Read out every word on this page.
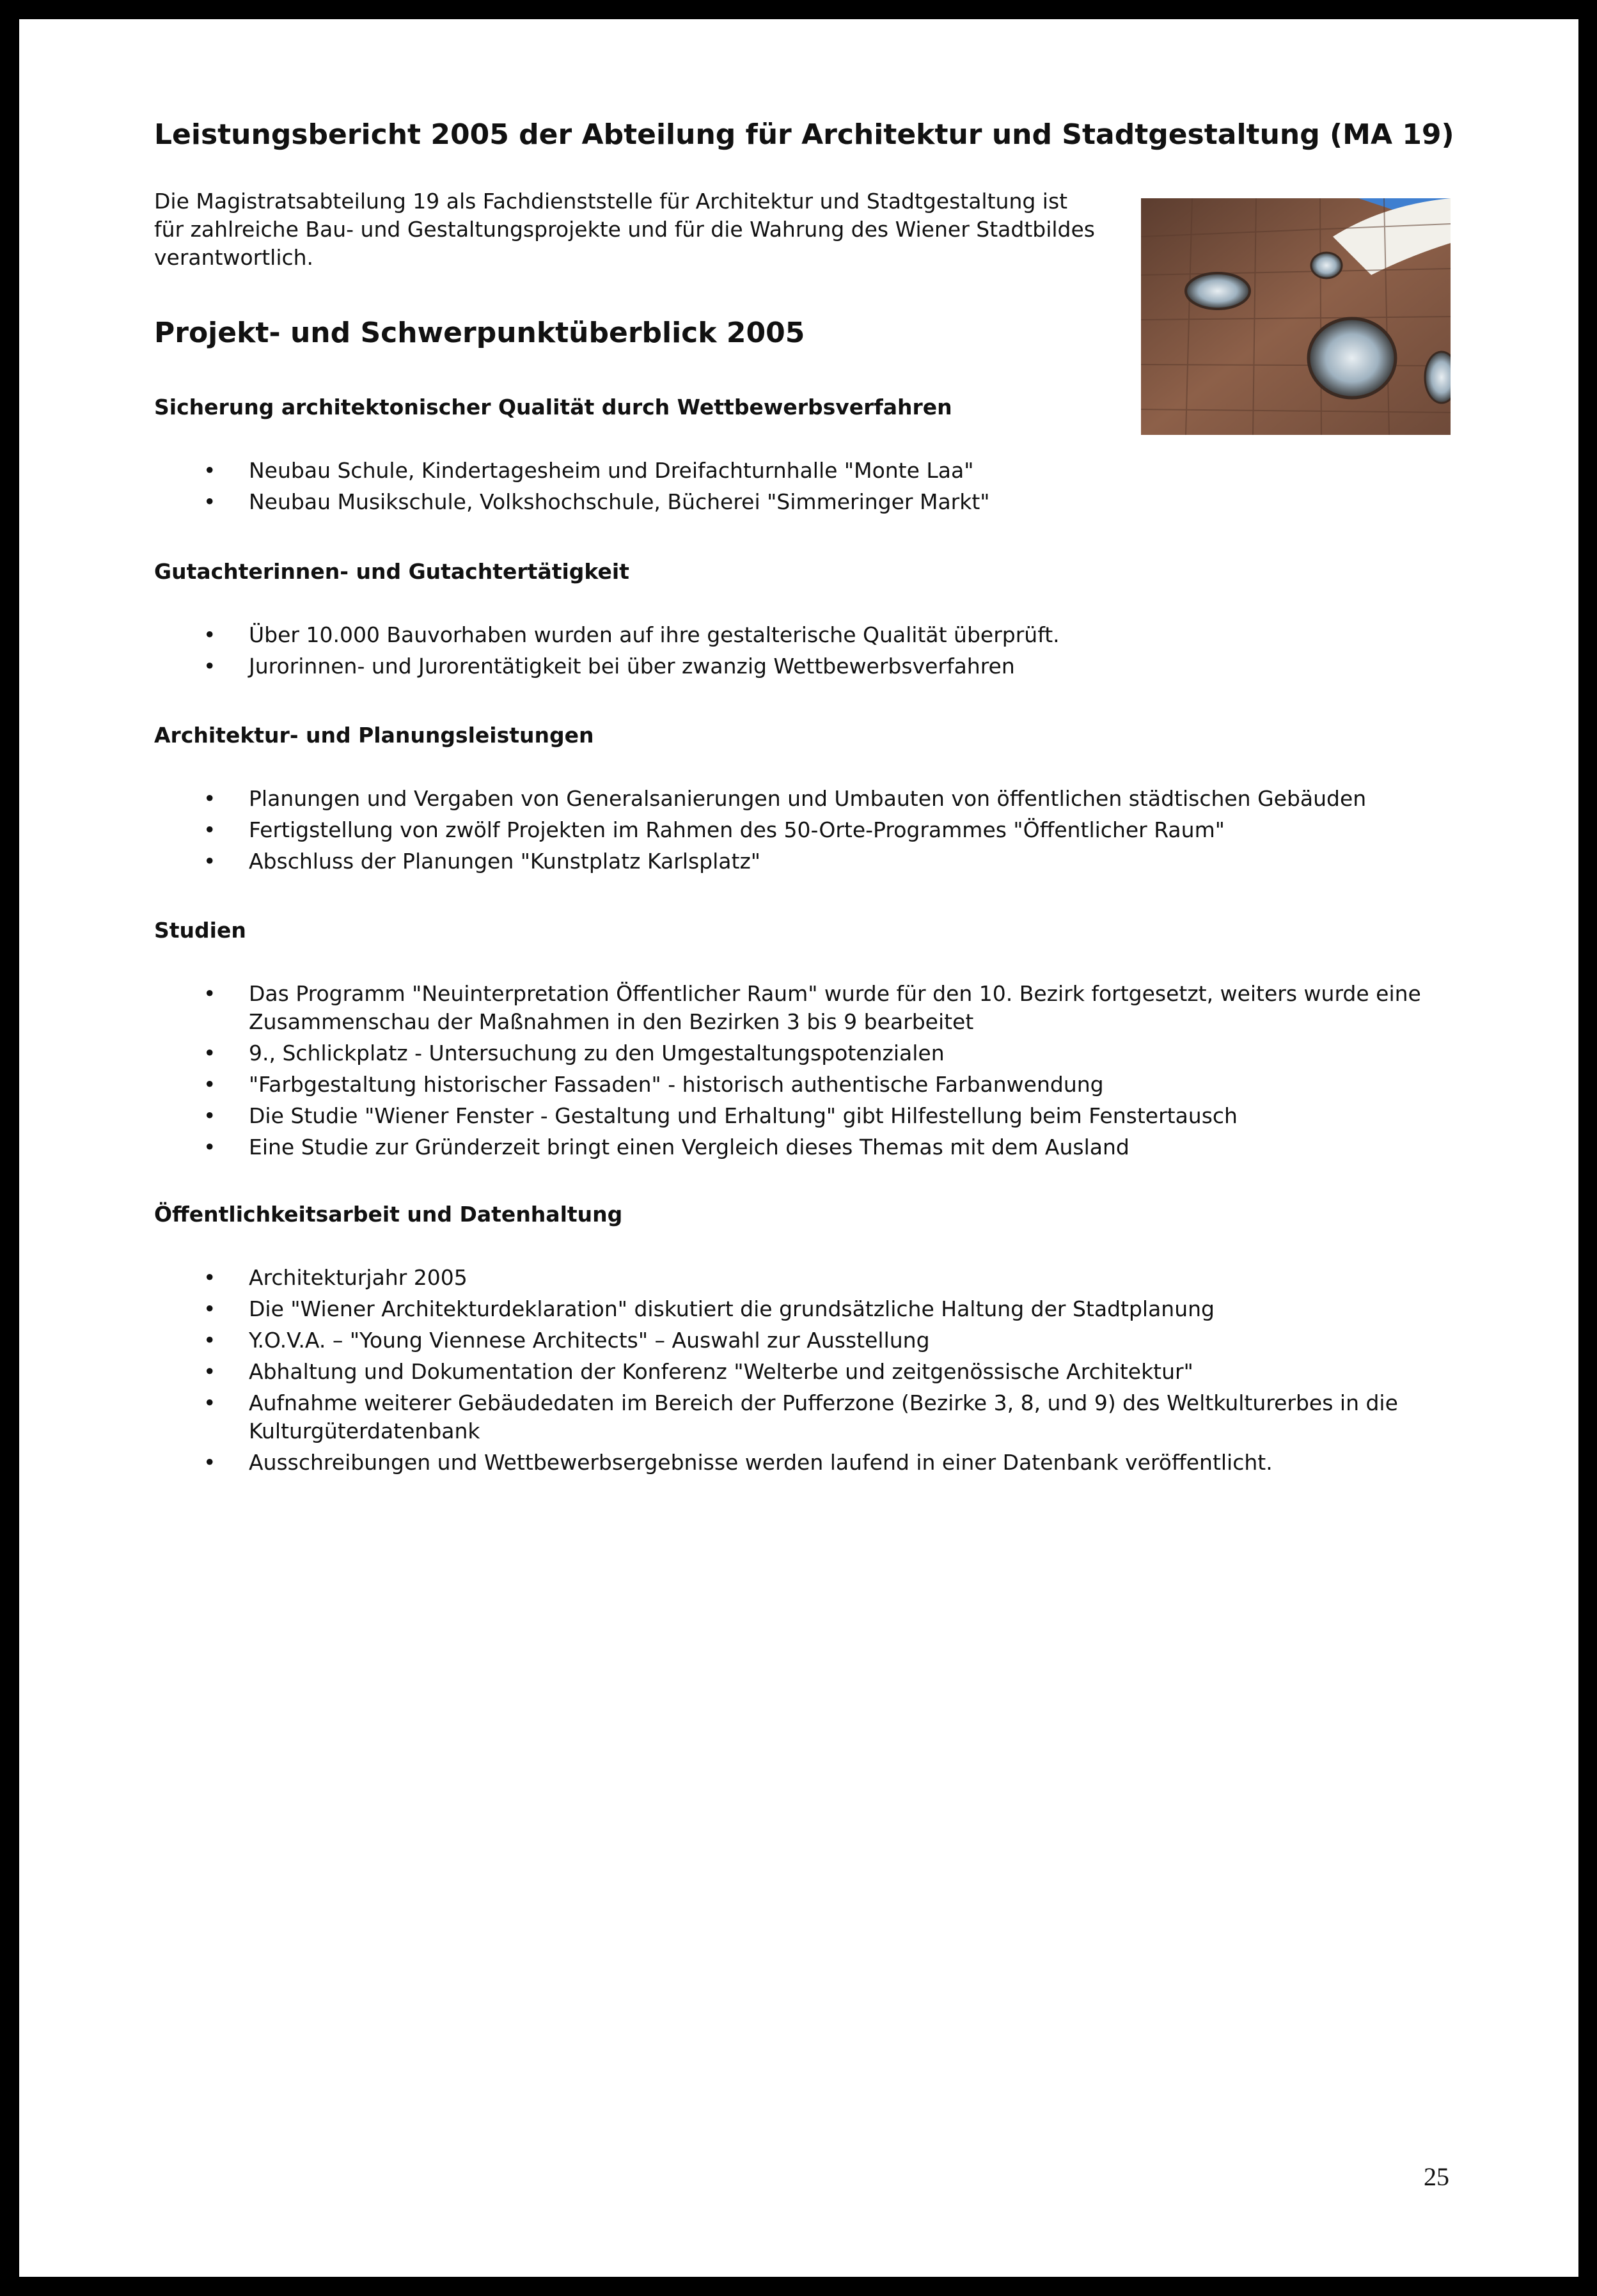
Leistungsbericht 2005 der Abteilung für Architektur und Stadtgestaltung (MA 19)

Die Magistratsabteilung 19 als Fachdienststelle für Architektur und Stadtgestaltung ist für zahlreiche Bau- und Gestaltungsprojekte und für die Wahrung des Wiener Stadtbildes verantwortlich.

Projekt- und Schwerpunktüberblick 2005
Sicherung architektonischer Qualität durch Wettbewerbsverfahren
• Neubau Schule, Kindertagesheim und Dreifachturnhalle "Monte Laa"
• Neubau Musikschule, Volkshochschule, Bücherei "Simmeringer Markt"
Gutachterinnen- und Gutachtertätigkeit
• Über 10.000 Bauvorhaben wurden auf ihre gestalterische Qualität überprüft.
• Jurorinnen- und Jurorentätigkeit bei über zwanzig Wettbewerbsverfahren
Architektur- und Planungsleistungen
• Planungen und Vergaben von Generalsanierungen und Umbauten von öffentlichen städtischen Gebäuden
• Fertigstellung von zwölf Projekten im Rahmen des 50-Orte-Programmes "Öffentlicher Raum"
• Abschluss der Planungen "Kunstplatz Karlsplatz"
Studien
• Das Programm "Neuinterpretation Öffentlicher Raum" wurde für den 10. Bezirk fortgesetzt, weiters wurde eine Zusammenschau der Maßnahmen in den Bezirken 3 bis 9 bearbeitet
• 9., Schlickplatz - Untersuchung zu den Umgestaltungspotenzialen
• "Farbgestaltung historischer Fassaden" - historisch authentische Farbanwendung
• Die Studie "Wiener Fenster - Gestaltung und Erhaltung" gibt Hilfestellung beim Fenstertausch
• Eine Studie zur Gründerzeit bringt einen Vergleich dieses Themas mit dem Ausland
Öffentlichkeitsarbeit und Datenhaltung
• Architekturjahr 2005
• Die "Wiener Architekturdeklaration" diskutiert die grundsätzliche Haltung der Stadtplanung
• Y.O.V.A. – "Young Viennese Architects" – Auswahl zur Ausstellung
• Abhaltung und Dokumentation der Konferenz "Welterbe und zeitgenössische Architektur"
• Aufnahme weiterer Gebäudedaten im Bereich der Pufferzone (Bezirke 3, 8, und 9) des Weltkulturerbes in die Kulturgüterdatenbank
• Ausschreibungen und Wettbewerbsergebnisse werden laufend in einer Datenbank veröffentlicht.
25
